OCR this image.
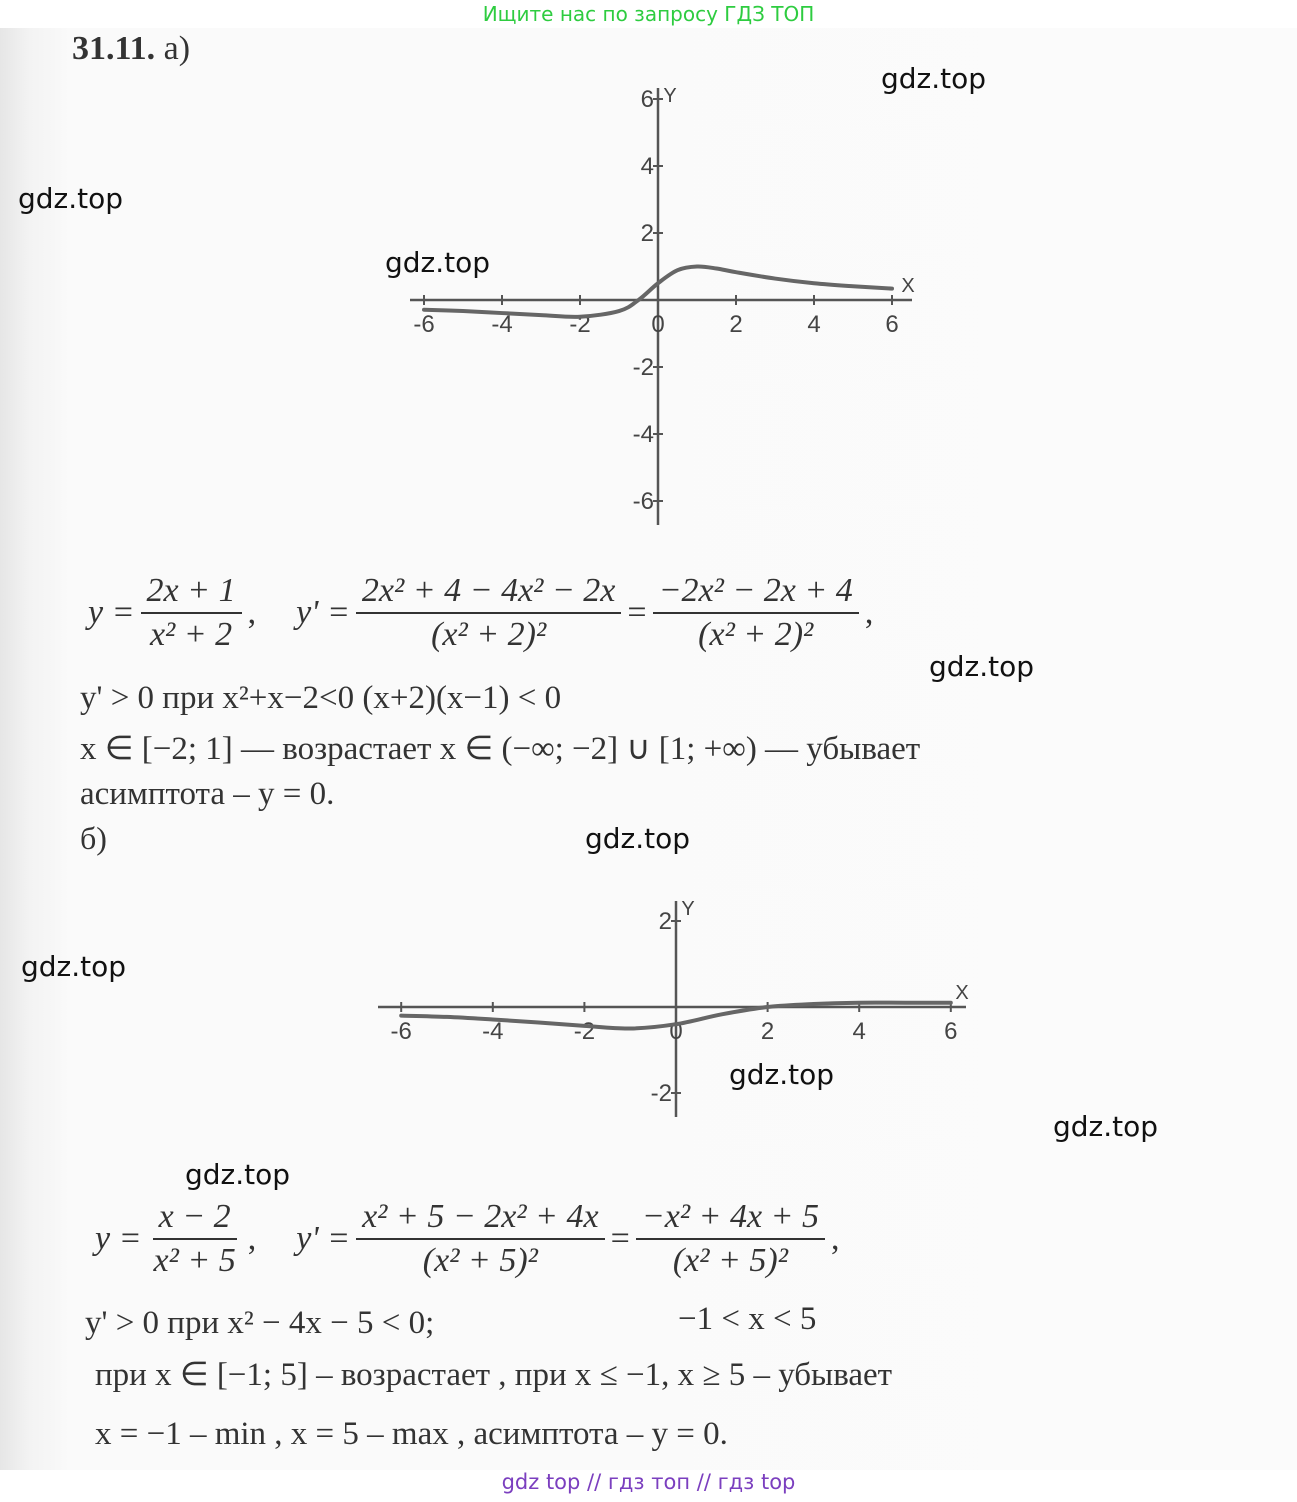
Ищите нас по запросу ГДЗ ТОП
gdz.top
gdz.top
gdz.top
gdz.top
gdz.top
gdz.top
gdz.top
gdz.top
gdz.top
31.11. а)
-6 -4 -2	0	2	4	6
-6
-4
-2
2
4
6
X
Y
$y = \frac{2x + 1}{\text{x² + 2}}$ , $y' = \frac{\text{2x² + 4 − 4x² − 2x}}{\text{(x² + 2)²}} = \frac{\text{−2x² − 2x + 4}}{\text{(x² + 2)²}}$ ,
y' > 0 при x²+x−2<0 (x+2)(x−1) < 0
x ∈ [−2; 1] — возрастает x ∈ (−∞; −2] ∪ [1; +∞) — убывает
асимптота – y = 0.
б)
-6	-4	-2	0	2	4	6
-2
2
X
Y
$y = \frac{x - 2}{\text{x² + 5}}$ , $y' = \frac{\text{x² + 5 − 2x² + 4x}}{\text{(x² + 5)²}} = \frac{\text{−x² + 4x + 5}}{\text{(x² + 5)²}}$ ,
y' > 0 при x² − 4x − 5 < 0;	−1 < x < 5
при x ∈ [−1; 5] – возрастает , при x ≤ −1, x ≥ 5 – убывает
x = −1 – min , x = 5 – max , асимптота – y = 0.
gdz top // гдз топ // гдз top
